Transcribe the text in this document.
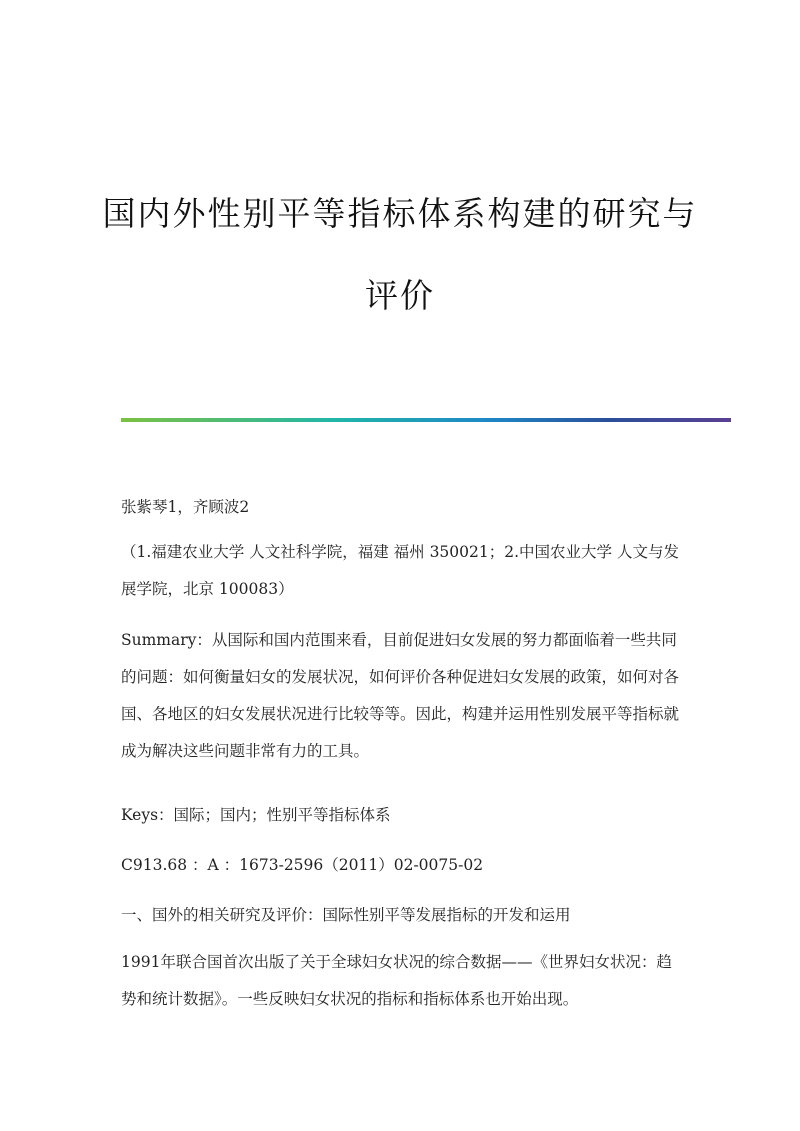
国内外性别平等指标体系构建的研究与
评价

张紫琴1，齐顾波2

（1.福建农业大学 人文社科学院，福建 福州 350021；2.中国农业大学 人文与发展学院，北京 100083）

Summary：从国际和国内范围来看，目前促进妇女发展的努力都面临着一些共同的问题：如何衡量妇女的发展状况，如何评价各种促进妇女发展的政策，如何对各国、各地区的妇女发展状况进行比较等等。因此，构建并运用性别发展平等指标就成为解决这些问题非常有力的工具。

Keys：国际；国内；性别平等指标体系

C913.68 ：A ：1673-2596（2011）02-0075-02

一、国外的相关研究及评价：国际性别平等发展指标的开发和运用

1991年联合国首次出版了关于全球妇女状况的综合数据——《世界妇女状况：趋势和统计数据》。一些反映妇女状况的指标和指标体系也开始出现。
